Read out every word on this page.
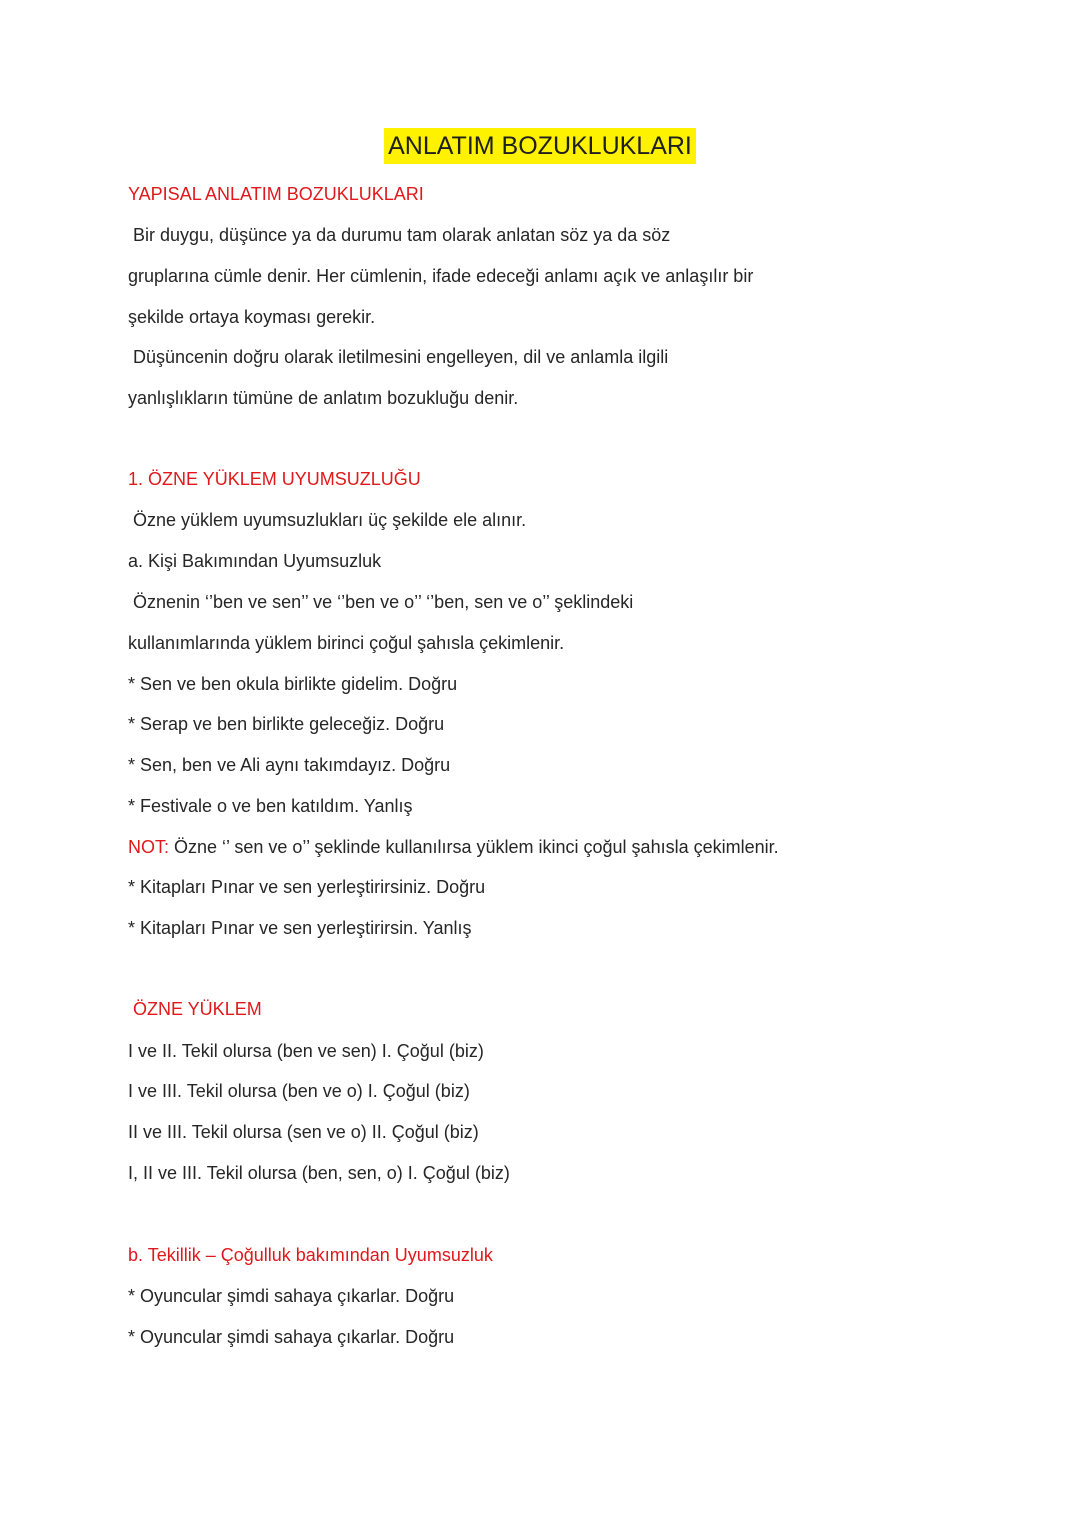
ANLATIM BOZUKLUKLARI
YAPISAL ANLATIM BOZUKLUKLARI
Bir duygu, düşünce ya da durumu tam olarak anlatan söz ya da söz
gruplarına cümle denir. Her cümlenin, ifade edeceği anlamı açık ve anlaşılır bir
şekilde ortaya koyması gerekir.
Düşüncenin doğru olarak iletilmesini engelleyen, dil ve anlamla ilgili
yanlışlıkların tümüne de anlatım bozukluğu denir.
1. ÖZNE YÜKLEM UYUMSUZLUĞU
Özne yüklem uyumsuzlukları üç şekilde ele alınır.
a. Kişi Bakımından Uyumsuzluk
Öznenin ‘’ben ve sen’’ ve ‘’ben ve o’’ ‘’ben, sen ve o’’ şeklindeki
kullanımlarında yüklem birinci çoğul şahısla çekimlenir.
* Sen ve ben okula birlikte gidelim. Doğru
* Serap ve ben birlikte geleceğiz. Doğru
* Sen, ben ve Ali aynı takımdayız. Doğru
* Festivale o ve ben katıldım. Yanlış
NOT: Özne ‘’ sen ve o’’ şeklinde kullanılırsa yüklem ikinci çoğul şahısla çekimlenir.
* Kitapları Pınar ve sen yerleştirirsiniz. Doğru
* Kitapları Pınar ve sen yerleştirirsin. Yanlış
ÖZNE YÜKLEM
I ve II. Tekil olursa (ben ve sen) I. Çoğul (biz)
I ve III. Tekil olursa (ben ve o) I. Çoğul (biz)
II ve III. Tekil olursa (sen ve o) II. Çoğul (biz)
I, II ve III. Tekil olursa (ben, sen, o) I. Çoğul (biz)
b. Tekillik – Çoğulluk bakımından Uyumsuzluk
* Oyuncular şimdi sahaya çıkarlar. Doğru
* Oyuncular şimdi sahaya çıkarlar. Doğru
